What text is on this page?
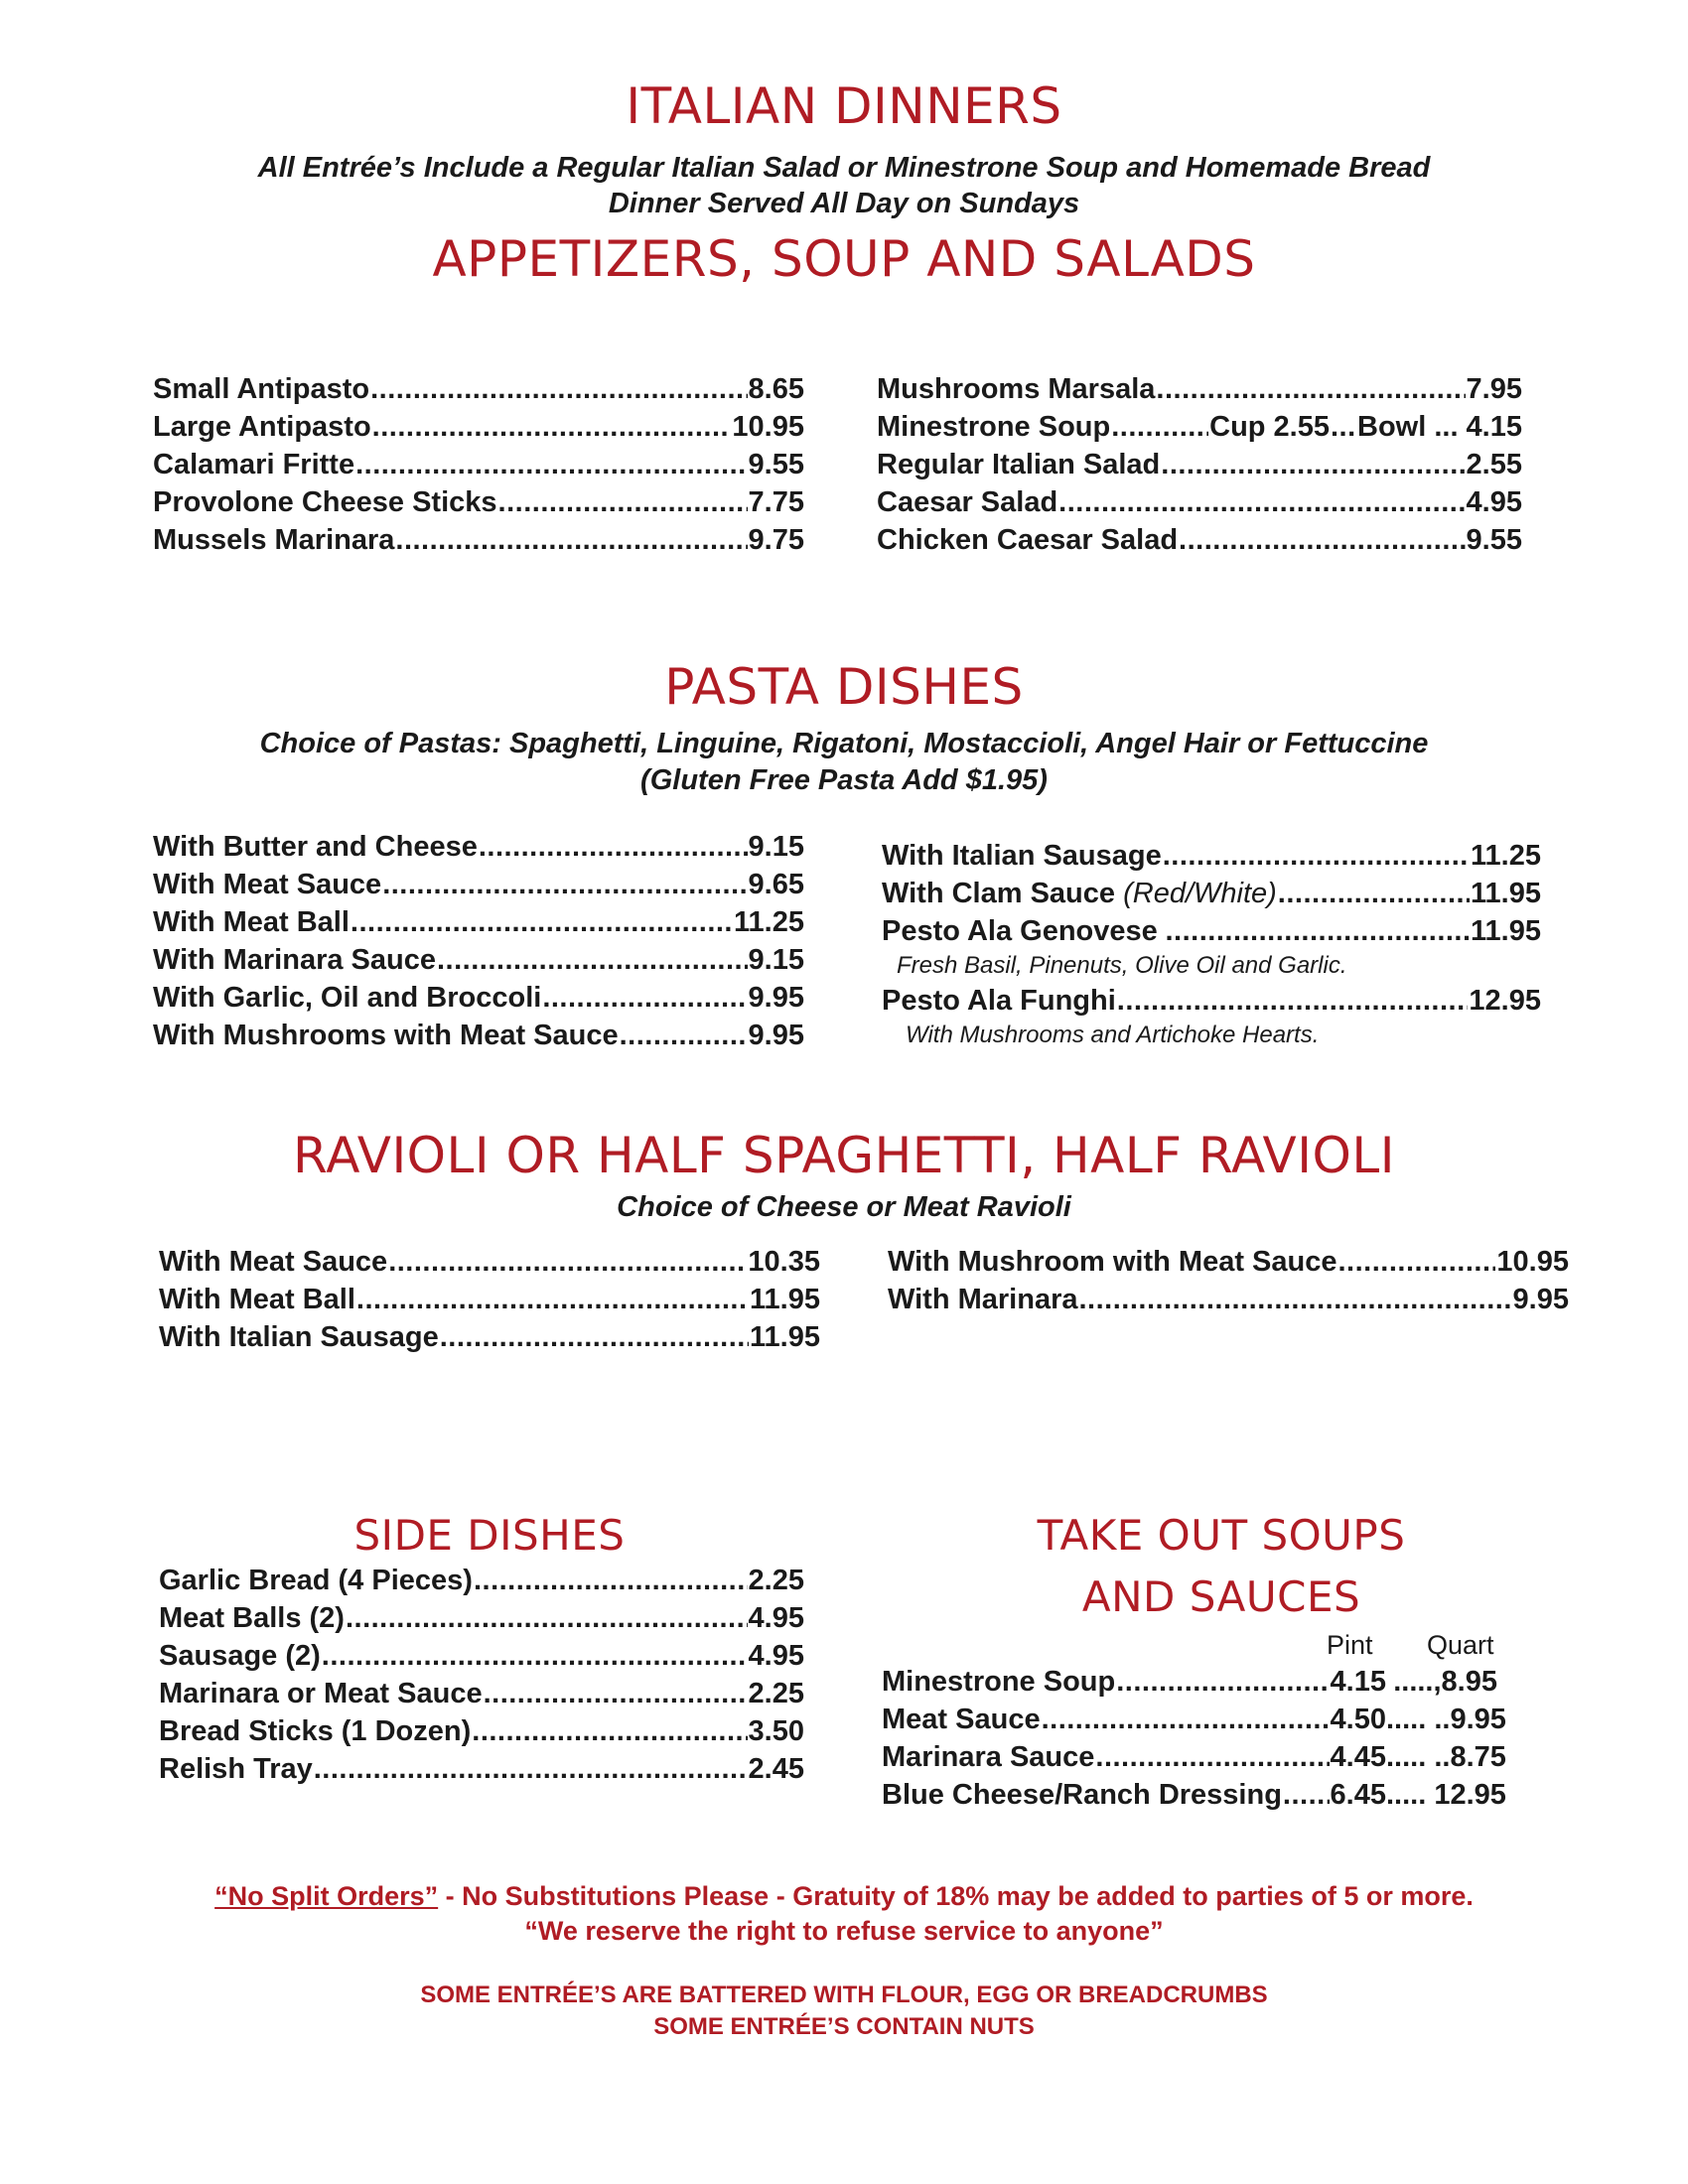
ITALIAN DINNERS
All Entrée’s Include a Regular Italian Salad or Minestrone Soup and Homemade Bread
Dinner Served All Day on Sundays
APPETIZERS, SOUP AND SALADS
Small Antipasto .....	8.65
Large Antipasto .....	10.95
Calamari Fritte .....	9.55
Provolone Cheese Sticks .....	7.75
Mussels Marinara .....	9.75
Mushrooms Marsala .....	7.95
Minestrone Soup .....	Cup 2.55 ..... Bowl ... 4.15
Regular Italian Salad .....	2.55
Caesar Salad .....	4.95
Chicken Caesar Salad .....	9.55
PASTA DISHES
Choice of Pastas: Spaghetti, Linguine, Rigatoni, Mostaccioli, Angel Hair or Fettuccine
(Gluten Free Pasta Add $1.95)
With Butter and Cheese .....	9.15
With Meat Sauce .....	9.65
With Meat Ball .....	11.25
With Marinara Sauce .....	9.15
With Garlic, Oil and Broccoli .....	9.95
With Mushrooms with Meat Sauce .....	9.95
With Italian Sausage .....	11.25
With Clam Sauce
(Red/White) .....	11.95
Pesto Ala Genovese .....	11.95
Fresh Basil, Pinenuts, Olive Oil and Garlic.
Pesto Ala Funghi .....	12.95
With Mushrooms and Artichoke Hearts.
RAVIOLI OR HALF SPAGHETTI, HALF RAVIOLI
Choice of Cheese or Meat Ravioli
With Meat Sauce .....	10.35
With Meat Ball .....	11.95
With Italian Sausage .....	11.95
With Mushroom with Meat Sauce .....	10.95
With Marinara .....	9.95
SIDE DISHES
Garlic Bread (4 Pieces) .....	2.25
Meat Balls (2) .....	4.95
Sausage (2) .....	4.95
Marinara or Meat Sauce .....	2.25
Bread Sticks (1 Dozen) .....	3.50
Relish Tray .....	2.45
TAKE OUT SOUPS
AND SAUCES
Pint Quart
Minestrone Soup .....	4.15 .....,8.95
Meat Sauce .....	4.50 ..... ..9.95
Marinara Sauce .....	4.45 ..... ..8.75
Blue Cheese/Ranch Dressing ..... 6.45 ..... 12.95
“No Split Orders” - No Substitutions Please - Gratuity of 18% may be added to parties of 5 or more.
“We reserve the right to refuse service to anyone”
SOME ENTRÉE’S ARE BATTERED WITH FLOUR, EGG OR BREADCRUMBS
SOME ENTRÉE’S CONTAIN NUTS
